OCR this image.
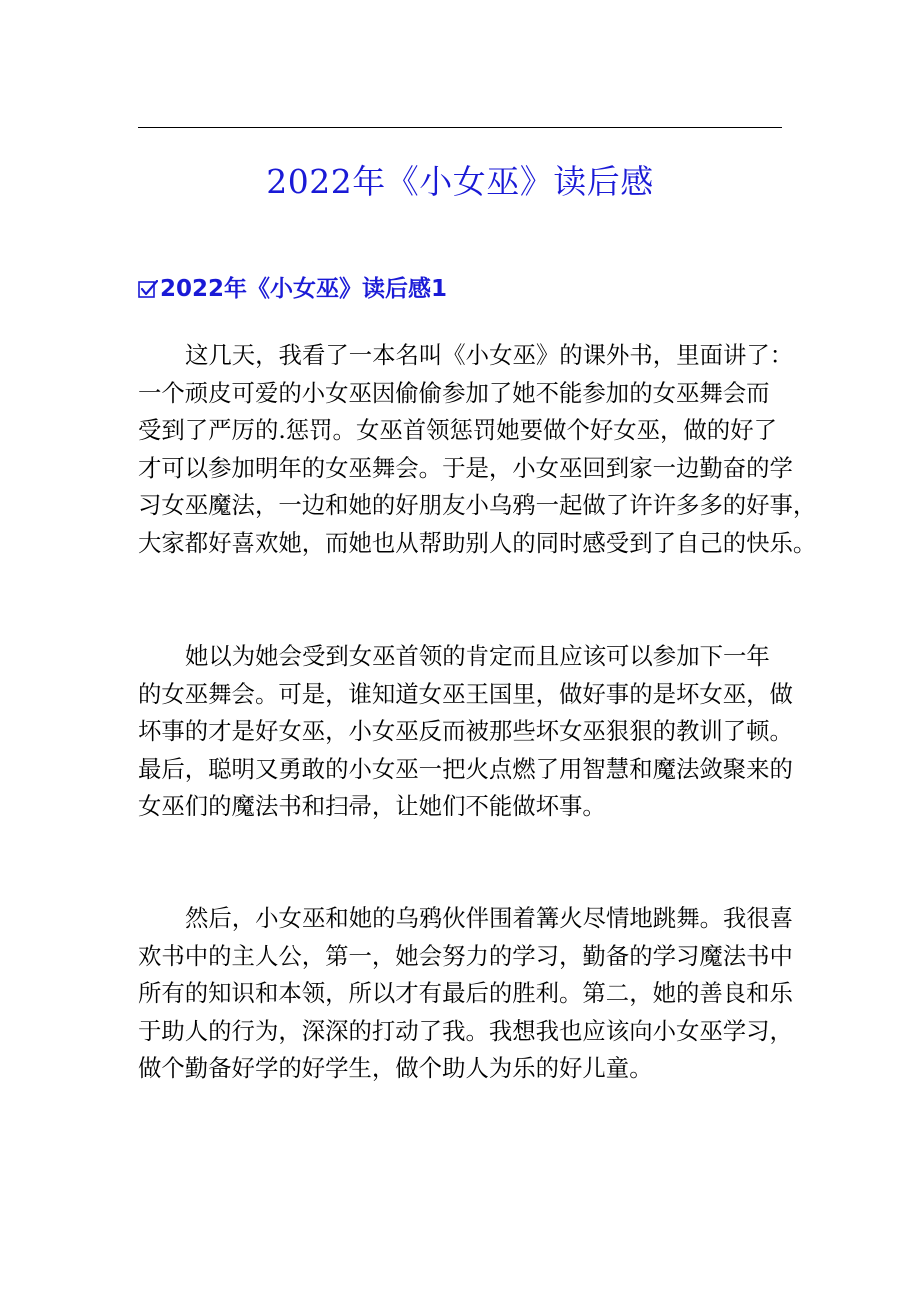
2022年《小女巫》读后感
2022年《小女巫》读后感1
这几天，我看了一本名叫《小女巫》的课外书，里面讲了：
一个顽皮可爱的小女巫因偷偷参加了她不能参加的女巫舞会而
受到了严厉的.惩罚。女巫首领惩罚她要做个好女巫，做的好了
才可以参加明年的女巫舞会。于是，小女巫回到家一边勤奋的学
习女巫魔法，一边和她的好朋友小乌鸦一起做了许许多多的好事，
大家都好喜欢她，而她也从帮助别人的同时感受到了自己的快乐。
她以为她会受到女巫首领的肯定而且应该可以参加下一年
的女巫舞会。可是，谁知道女巫王国里，做好事的是坏女巫，做
坏事的才是好女巫，小女巫反而被那些坏女巫狠狠的教训了顿。
最后，聪明又勇敢的小女巫一把火点燃了用智慧和魔法敛聚来的
女巫们的魔法书和扫帚，让她们不能做坏事。
然后，小女巫和她的乌鸦伙伴围着篝火尽情地跳舞。我很喜
欢书中的主人公，第一，她会努力的学习，勤备的学习魔法书中
所有的知识和本领，所以才有最后的胜利。第二，她的善良和乐
于助人的行为，深深的打动了我。我想我也应该向小女巫学习，
做个勤备好学的好学生，做个助人为乐的好儿童。
